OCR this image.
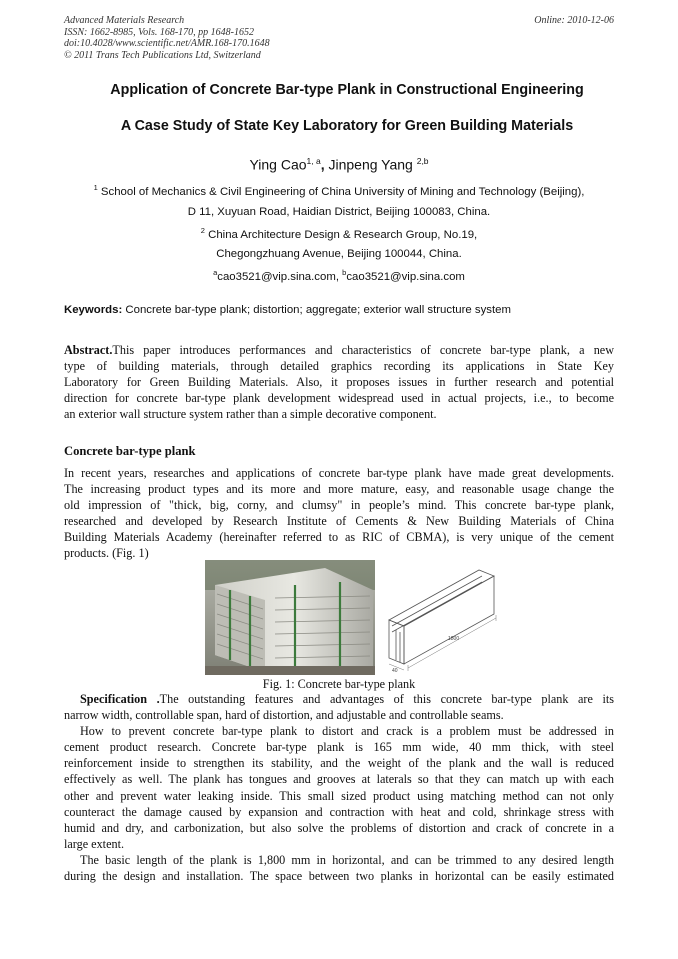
Advanced Materials Research
ISSN: 1662-8985, Vols. 168-170, pp 1648-1652
doi:10.4028/www.scientific.net/AMR.168-170.1648
© 2011 Trans Tech Publications Ltd, Switzerland
Online: 2010-12-06
Application of Concrete Bar-type Plank in Constructional Engineering
A Case Study of State Key Laboratory for Green Building Materials
Ying Cao$^{1, a}$, Jinpeng Yang $^{2,b}$
$^1$ School of Mechanics & Civil Engineering of China University of Mining and Technology (Beijing),
D 11, Xuyuan Road, Haidian District, Beijing 100083, China.
$^2$ China Architecture Design & Research Group, No.19,
Chegongzhuang Avenue, Beijing 100044, China.
$^a$cao3521@vip.sina.com, $^b$cao3521@vip.sina.com
Keywords: Concrete bar-type plank; distortion; aggregate; exterior wall structure system
Abstract.This paper introduces performances and characteristics of concrete bar-type plank, a new
type of building materials, through detailed graphics recording its applications in State Key
Laboratory for Green Building Materials. Also, it proposes issues in further research and potential
direction for concrete bar-type plank development widespread used in actual projects, i.e., to become
an exterior wall structure system rather than a simple decorative component.
Concrete bar-type plank
In recent years, researches and applications of concrete bar-type plank have made great developments.
The increasing product types and its more and more mature, easy, and reasonable usage change the
old impression of "thick, big, corny, and clumsy" in people’s mind. This concrete bar-type plank,
researched and developed by Research Institute of Cements & New Building Materials of China
Building Materials Academy (hereinafter referred to as RIC of CBMA), is very unique of the cement
products. (Fig. 1)
1800
40
Fig. 1: Concrete bar-type plank
Specification .The outstanding features and advantages of this concrete bar-type plank are its
narrow width, controllable span, hard of distortion, and adjustable and controllable seams.
How to prevent concrete bar-type plank to distort and crack is a problem must be addressed in
cement product research. Concrete bar-type plank is 165 mm wide, 40 mm thick, with steel
reinforcement inside to strengthen its stability, and the weight of the plank and the wall is reduced
effectively as well. The plank has tongues and grooves at laterals so that they can match up with each
other and prevent water leaking inside. This small sized product using matching method can not only
counteract the damage caused by expansion and contraction with heat and cold, shrinkage stress with
humid and dry, and carbonization, but also solve the problems of distortion and crack of concrete in a
large extent.
The basic length of the plank is 1,800 mm in horizontal, and can be trimmed to any desired length
during the design and installation. The space between two planks in horizontal can be easily estimated
